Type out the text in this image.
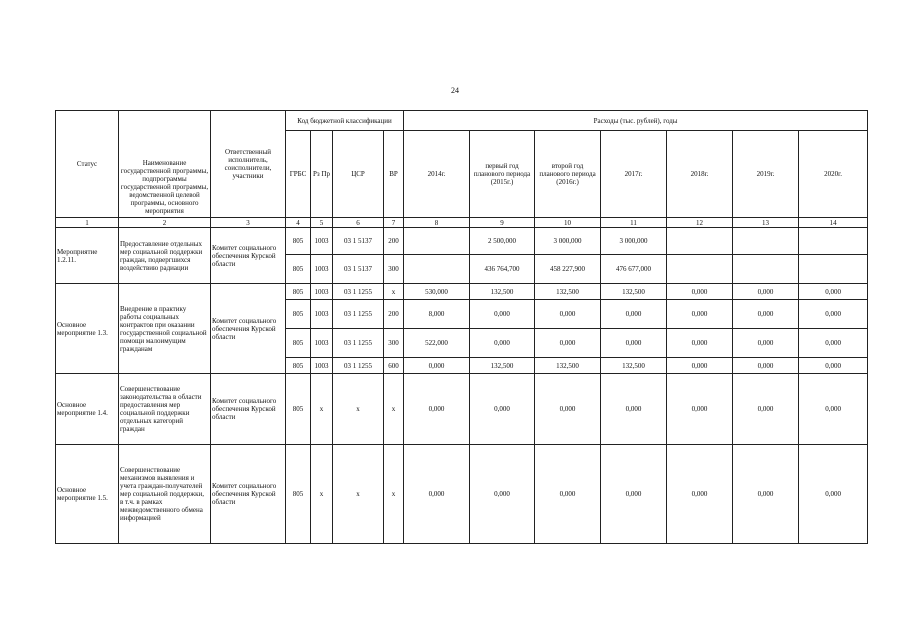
24
Статус	Наименование государственной программы, подпрограммы государственной программы, ведомственной целевой программы, основного мероприятия	Ответственный исполнитель, соисполнители, участники	Код бюджетной классификации				Расходы (тыс. рублей), годы						
			ГРБС	Рз Пр	ЦСР	ВР	2014г.	первый год планового периода (2015г.)	второй год планового периода (2016г.)	2017г.	2018г.	2019г.	2020г.
1	2	3	4	5	6	7	8	9	10	11	12	13	14
Мероприятие 1.2.11.	Предоставление отдельных мер социальной поддержки граждан, подвергшихся воздействию радиации	Комитет социального обеспечения Курской области	805	1003	03 1 5137	200		2 500,000	3 000,000	3 000,000			
			805	1003	03 1 5137	300		436 764,700	458 227,900	476 677,000			
Основное мероприятие 1.3.	Внедрение в практику работы социальных контрактов при оказании государственной социальной помощи малоимущим гражданам	Комитет социального обеспечения Курской области	805	1003	03 1 1255	х	530,000	132,500	132,500	132,500	0,000	0,000	0,000
			805	1003	03 1 1255	200	8,000	0,000	0,000	0,000	0,000	0,000	0,000
			805	1003	03 1 1255	300	522,000	0,000	0,000	0,000	0,000	0,000	0,000
			805	1003	03 1 1255	600	0,000	132,500	132,500	132,500	0,000	0,000	0,000
Основное мероприятие 1.4.	Совершенствование законодательства в области предоставления мер социальной поддержки отдельных категорий граждан	Комитет социального обеспечения Курской области	805	х	х	х	0,000	0,000	0,000	0,000	0,000	0,000	0,000
Основное мероприятие 1.5.	Совершенствование механизмов выявления и учета граждан-получателей мер социальной поддержки, в т.ч. в рамках межведомственного обмена информацией	Комитет социального обеспечения Курской области	805	х	х	х	0,000	0,000	0,000	0,000	0,000	0,000	0,000
